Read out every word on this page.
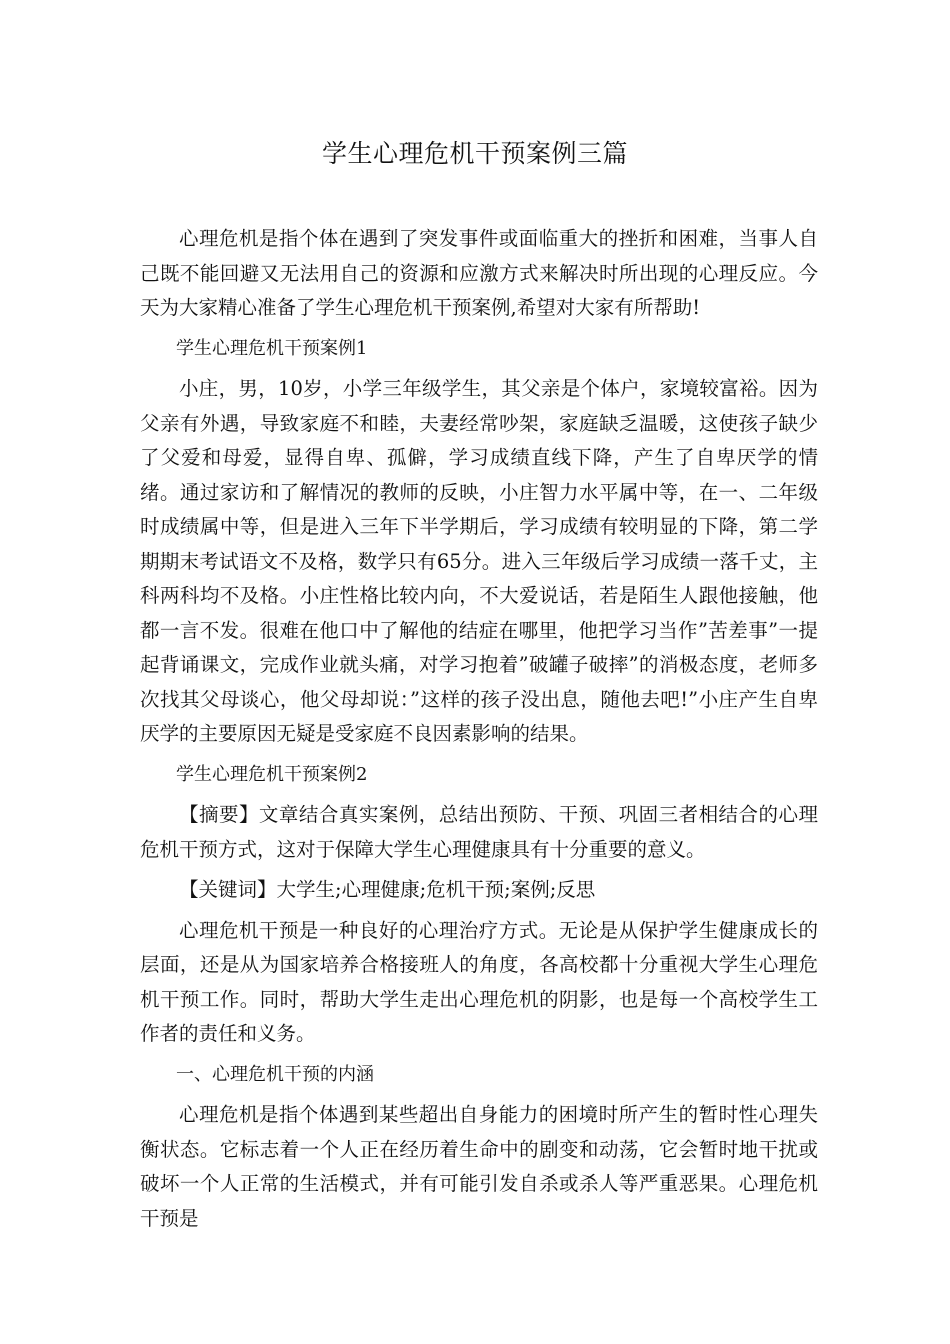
学生心理危机干预案例三篇

心理危机是指个体在遇到了突发事件或面临重大的挫折和困难，当事人自己既不能回避又无法用自己的资源和应激方式来解决时所出现的心理反应。今天为大家精心准备了学生心理危机干预案例,希望对大家有所帮助!

学生心理危机干预案例1

小庄，男，10岁，小学三年级学生，其父亲是个体户，家境较富裕。因为父亲有外遇，导致家庭不和睦，夫妻经常吵架，家庭缺乏温暖，这使孩子缺少了父爱和母爱，显得自卑、孤僻，学习成绩直线下降，产生了自卑厌学的情绪。通过家访和了解情况的教师的反映，小庄智力水平属中等，在一、二年级时成绩属中等，但是进入三年下半学期后，学习成绩有较明显的下降，第二学期期末考试语文不及格，数学只有65分。进入三年级后学习成绩一落千丈，主科两科均不及格。小庄性格比较内向，不大爱说话，若是陌生人跟他接触，他都一言不发。很难在他口中了解他的结症在哪里，他把学习当作”苦差事”一提起背诵课文，完成作业就头痛，对学习抱着”破罐子破摔”的消极态度，老师多次找其父母谈心，他父母却说：”这样的孩子没出息，随他去吧!”小庄产生自卑厌学的主要原因无疑是受家庭不良因素影响的结果。

学生心理危机干预案例2

【摘要】文章结合真实案例，总结出预防、干预、巩固三者相结合的心理危机干预方式，这对于保障大学生心理健康具有十分重要的意义。

【关键词】大学生;心理健康;危机干预;案例;反思

心理危机干预是一种良好的心理治疗方式。无论是从保护学生健康成长的层面，还是从为国家培养合格接班人的角度，各高校都十分重视大学生心理危机干预工作。同时，帮助大学生走出心理危机的阴影，也是每一个高校学生工作者的责任和义务。

一、心理危机干预的内涵

心理危机是指个体遇到某些超出自身能力的困境时所产生的暂时性心理失衡状态。它标志着一个人正在经历着生命中的剧变和动荡，它会暂时地干扰或破坏一个人正常的生活模式，并有可能引发自杀或杀人等严重恶果。心理危机干预是
